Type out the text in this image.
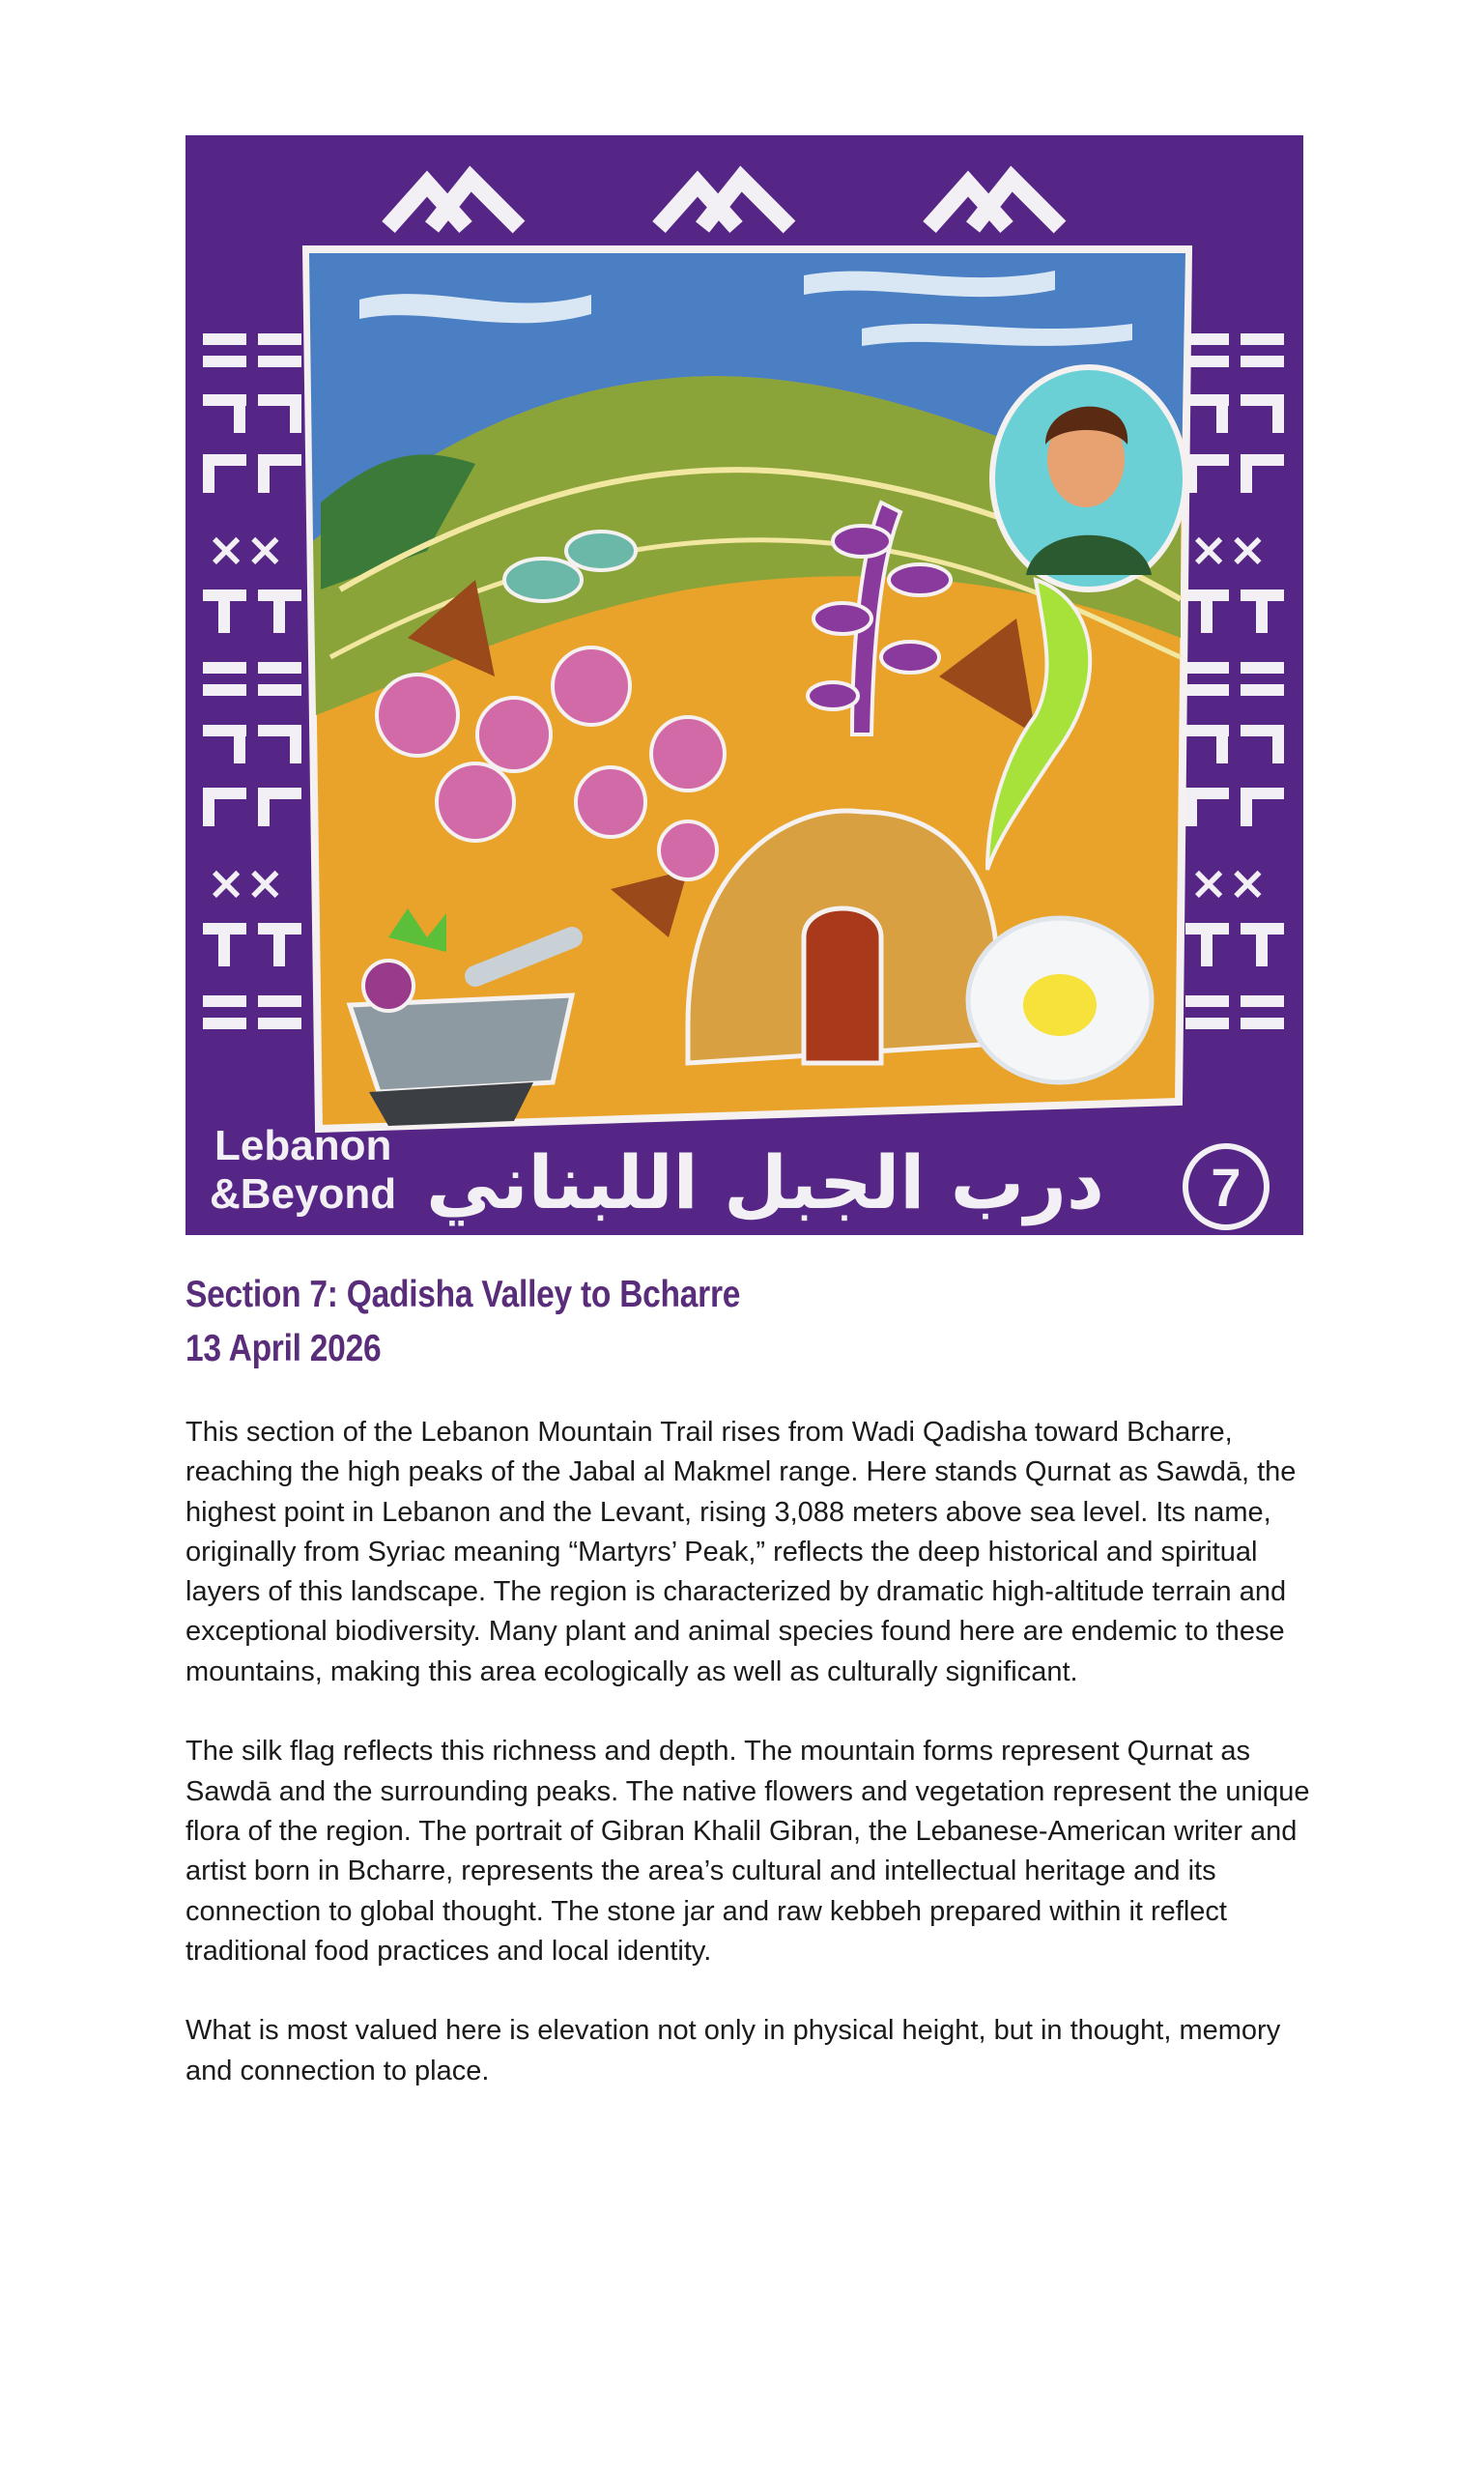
××
××
××
××
Lebanon
&Beyond درب الجبل اللبناني 7
Section 7: Qadisha Valley to Bcharre
13 April 2026

This section of the Lebanon Mountain Trail rises from Wadi Qadisha toward Bcharre, reaching the high peaks of the Jabal al Makmel range. Here stands Qurnat as Sawdā, the highest point in Lebanon and the Levant, rising 3,088 meters above sea level. Its name, originally from Syriac meaning “Martyrs’ Peak,” reflects the deep historical and spiritual layers of this landscape. The region is characterized by dramatic high-altitude terrain and exceptional biodiversity. Many plant and animal species found here are endemic to these mountains, making this area ecologically as well as culturally significant.

The silk flag reflects this richness and depth. The mountain forms represent Qurnat as Sawdā and the surrounding peaks. The native flowers and vegetation represent the unique flora of the region. The portrait of Gibran Khalil Gibran, the Lebanese-American writer and artist born in Bcharre, represents the area’s cultural and intellectual heritage and its connection to global thought. The stone jar and raw kebbeh prepared within it reflect traditional food practices and local identity.

What is most valued here is elevation not only in physical height, but in thought, memory and connection to place.
